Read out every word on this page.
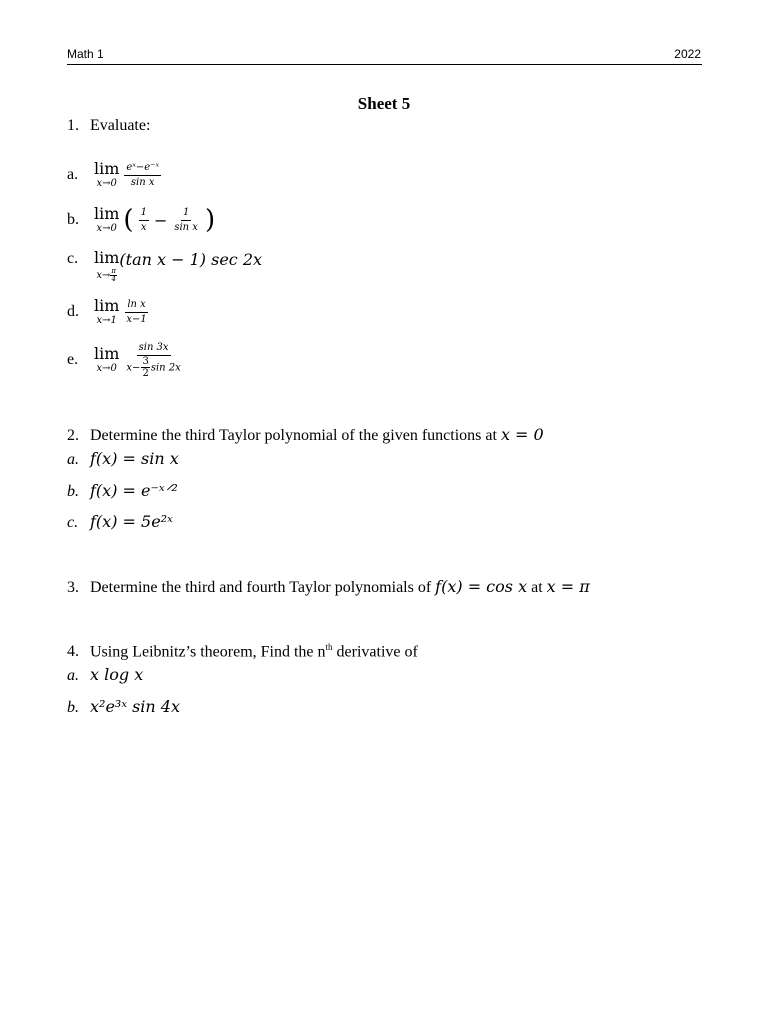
Math 1	2022
Sheet 5
1. Evaluate:
a. lim
x→0
$\frac{\text{eˣ−e⁻ˣ}}{\text{sin x}}$
b. lim
x→0 ( $\frac{1}{x} - \frac{1}{\text{sin x}}$ )
c. lim
$x\to \frac{\pi}{4}$
(tan x − 1) sec 2x
d. lim
x→1
$\frac{\text{ln x}}{x-1}$
e. lim
x→0
$\frac{\sin 3x}{x- \frac{3}{2} \sin 2x}$
2. Determine the third Taylor polynomial of the given functions at x = 0
a. f(x) = sin x
b. f(x) = e⁻ˣᐟ²
c. f(x) = 5e²ˣ
3. Determine the third and fourth Taylor polynomials of f(x) = cos x at x = π
4. Using Leibnitz’s theorem, Find the $n^{th}$ derivative of
a. x log x
b. x²e³ˣ sin 4x
